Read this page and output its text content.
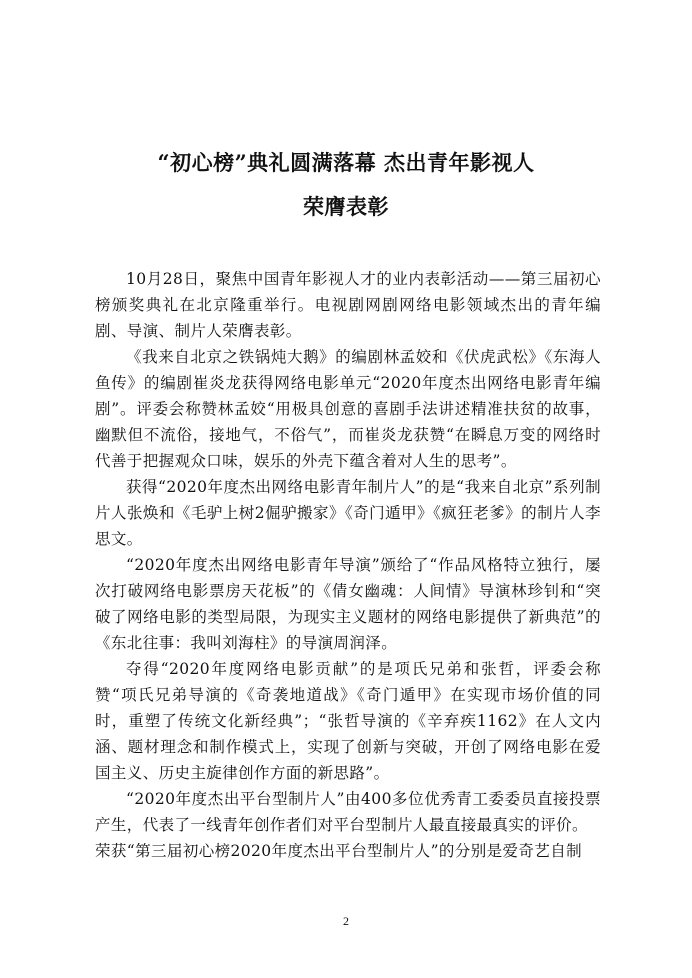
“初心榜”典礼圆满落幕 杰出青年影视人

荣膺表彰

10月28日，聚焦中国青年影视人才的业内表彰活动——第三届初心榜颁奖典礼在北京隆重举行。电视剧网剧网络电影领域杰出的青年编剧、导演、制片人荣膺表彰。

《我来自北京之铁锅炖大鹅》的编剧林孟姣和《伏虎武松》《东海人鱼传》的编剧崔炎龙获得网络电影单元“2020年度杰出网络电影青年编剧”。评委会称赞林孟姣“用极具创意的喜剧手法讲述精准扶贫的故事，幽默但不流俗，接地气，不俗气”，而崔炎龙获赞“在瞬息万变的网络时代善于把握观众口味，娱乐的外壳下蕴含着对人生的思考”。

获得“2020年度杰出网络电影青年制片人”的是“我来自北京”系列制片人张焕和《毛驴上树2倔驴搬家》《奇门遁甲》《疯狂老爹》的制片人李思文。

“2020年度杰出网络电影青年导演”颁给了“作品风格特立独行，屡次打破网络电影票房天花板”的《倩女幽魂：人间情》导演林珍钊和“突破了网络电影的类型局限，为现实主义题材的网络电影提供了新典范”的《东北往事：我叫刘海柱》的导演周润泽。

夺得“2020年度网络电影贡献”的是项氏兄弟和张哲，评委会称赞“项氏兄弟导演的《奇袭地道战》《奇门遁甲》在实现市场价值的同时，重塑了传统文化新经典”；“张哲导演的《辛弃疾1162》在人文内涵、题材理念和制作模式上，实现了创新与突破，开创了网络电影在爱国主义、历史主旋律创作方面的新思路”。

“2020年度杰出平台型制片人”由400多位优秀青工委委员直接投票产生，代表了一线青年创作者们对平台型制片人最直接最真实的评价。

荣获“第三届初心榜2020年度杰出平台型制片人”的分别是爱奇艺自制

2
